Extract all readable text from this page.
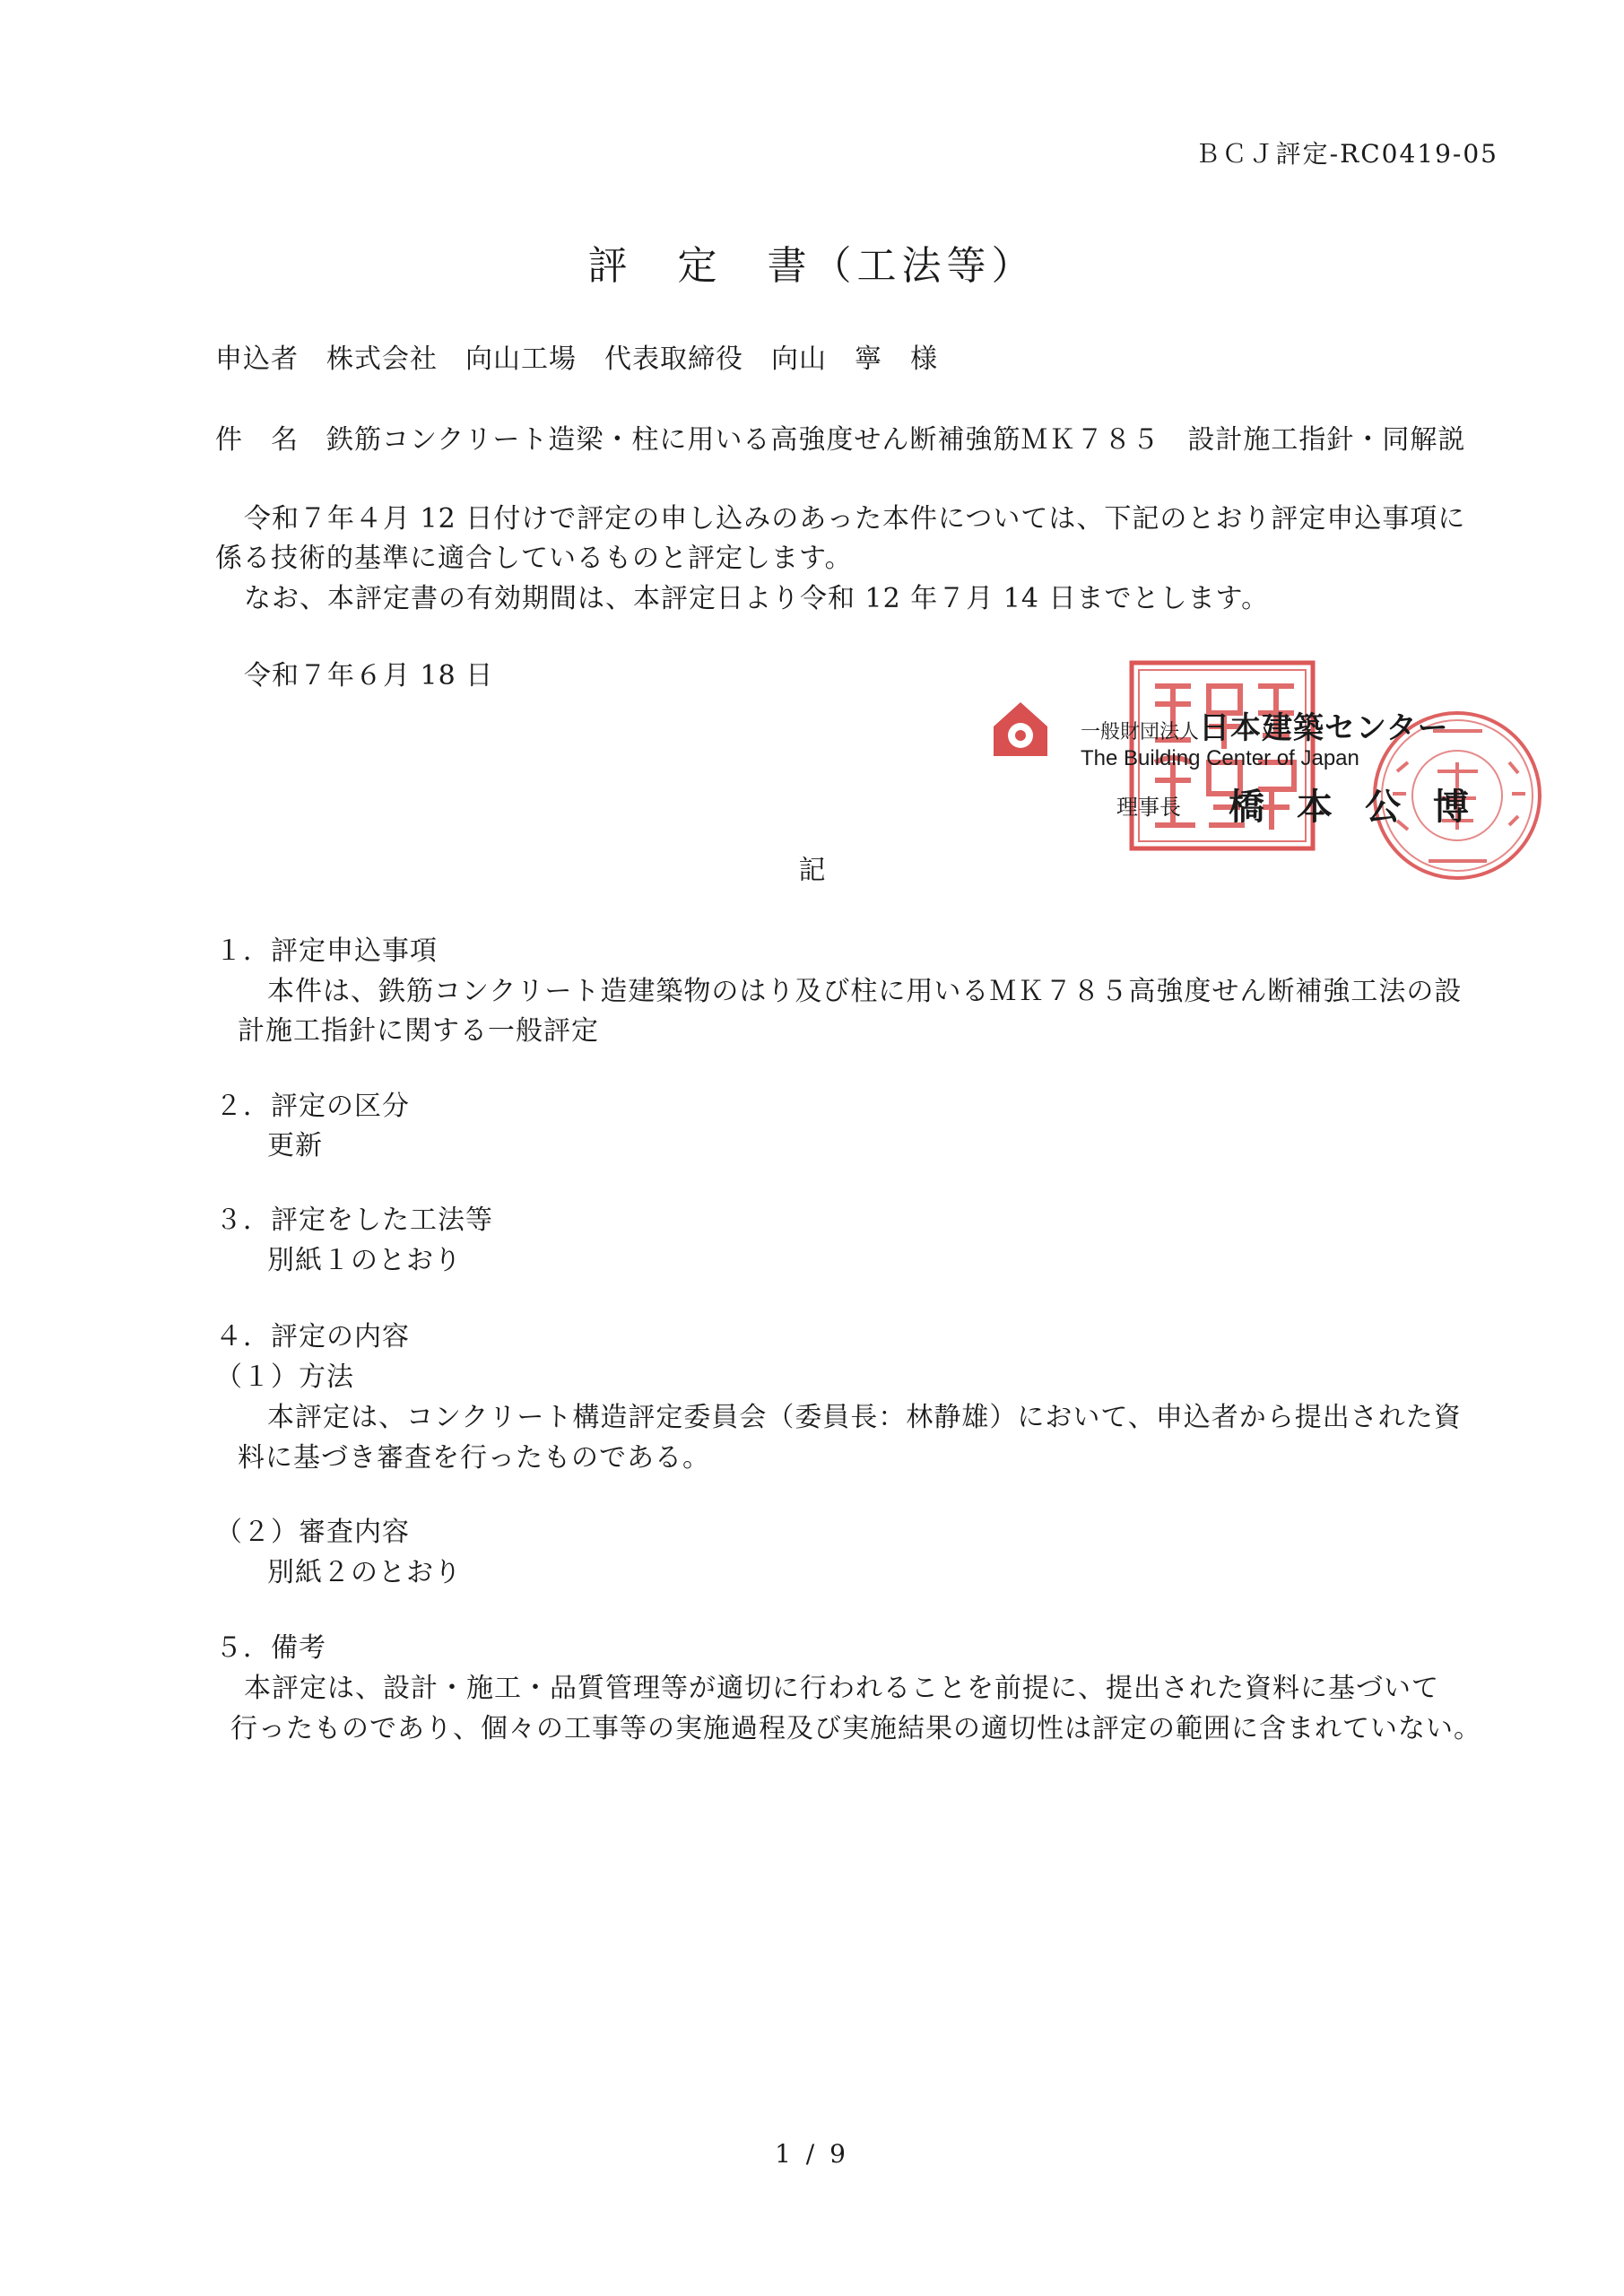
ＢＣＪ評定-RC0419-05
評　定　書（工法等）
申込者　株式会社　向山工場　代表取締役　向山　寧　様
件　名　鉄筋コンクリート造梁・柱に用いる高強度せん断補強筋ＭＫ７８５　設計施工指針・同解説
令和７年４月 12 日付けで評定の申し込みのあった本件については、下記のとおり評定申込事項に
係る技術的基準に適合しているものと評定します。
なお、本評定書の有効期間は、本評定日より令和 12 年７月 14 日までとします。
令和７年６月 18 日
一般財団法人日本建築センター
The Building Center of Japan
理事長 橋本公博
記
１．評定申込事項
本件は、鉄筋コンクリート造建築物のはり及び柱に用いるＭＫ７８５高強度せん断補強工法の設
計施工指針に関する一般評定
２．評定の区分
更新
３．評定をした工法等
別紙１のとおり
４．評定の内容
（１）方法
本評定は、コンクリート構造評定委員会（委員長：林静雄）において、申込者から提出された資
料に基づき審査を行ったものである。
（２）審査内容
別紙２のとおり
５．備考
本評定は、設計・施工・品質管理等が適切に行われることを前提に、提出された資料に基づいて
行ったものであり、個々の工事等の実施過程及び実施結果の適切性は評定の範囲に含まれていない。
1 / 9
